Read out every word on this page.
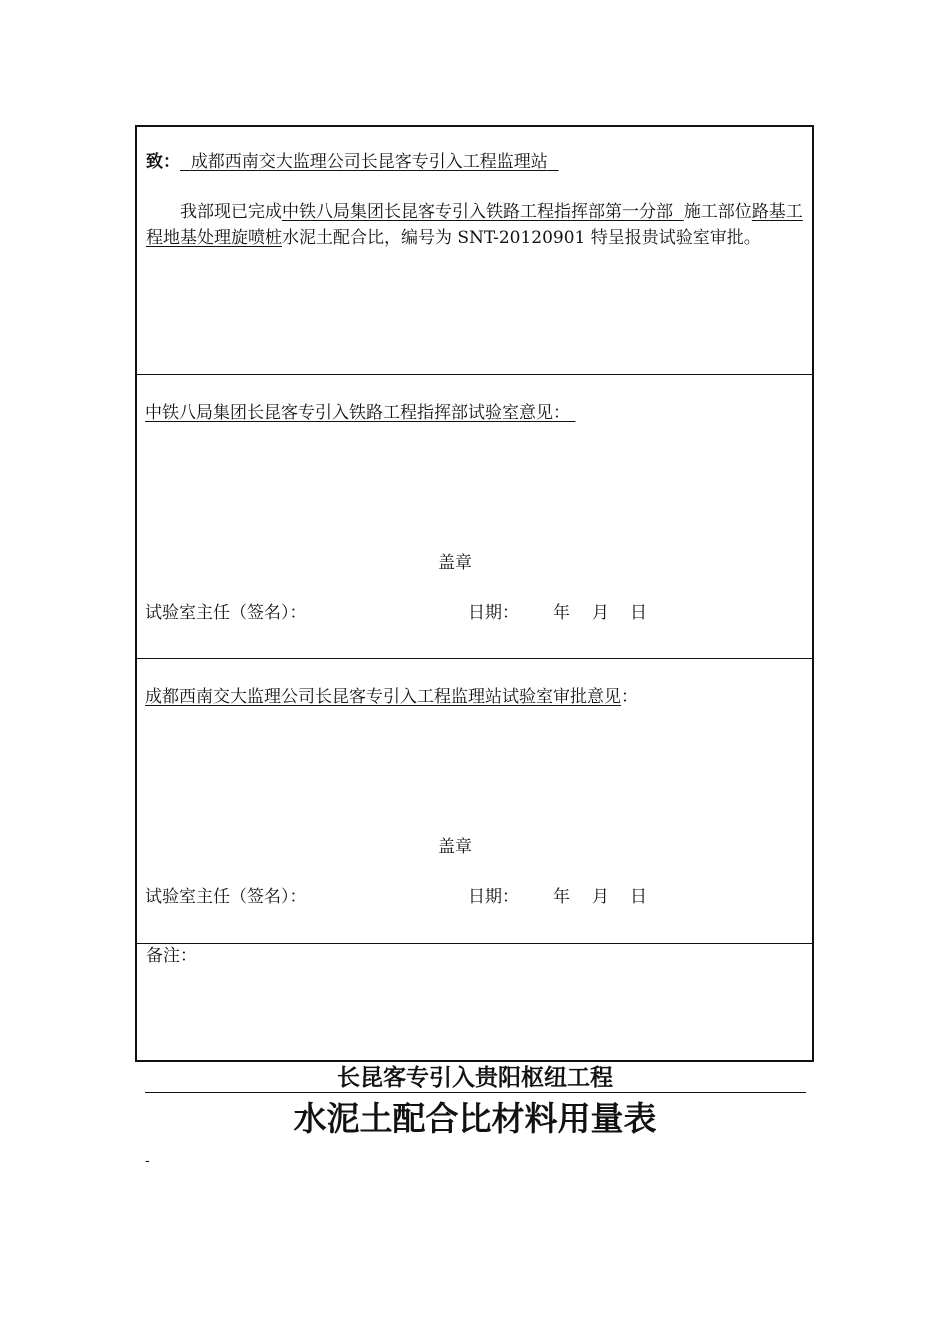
致： 成都西南交大监理公司长昆客专引入工程监理站
我部现已完成中铁八局集团长昆客专引入铁路工程指挥部第一分部 施工部位路基工程地基处理旋喷桩水泥土配合比，编号为 SNT-20120901 特呈报贵试验室审批。
中铁八局集团长昆客专引入铁路工程指挥部试验室意见：
盖章
试验室主任（签名）：	日期： 年 月 日
成都西南交大监理公司长昆客专引入工程监理站试验室审批意见：
盖章
试验室主任（签名）：	日期： 年 月 日
备注：
长昆客专引入贵阳枢纽工程
水泥土配合比材料用量表
-
